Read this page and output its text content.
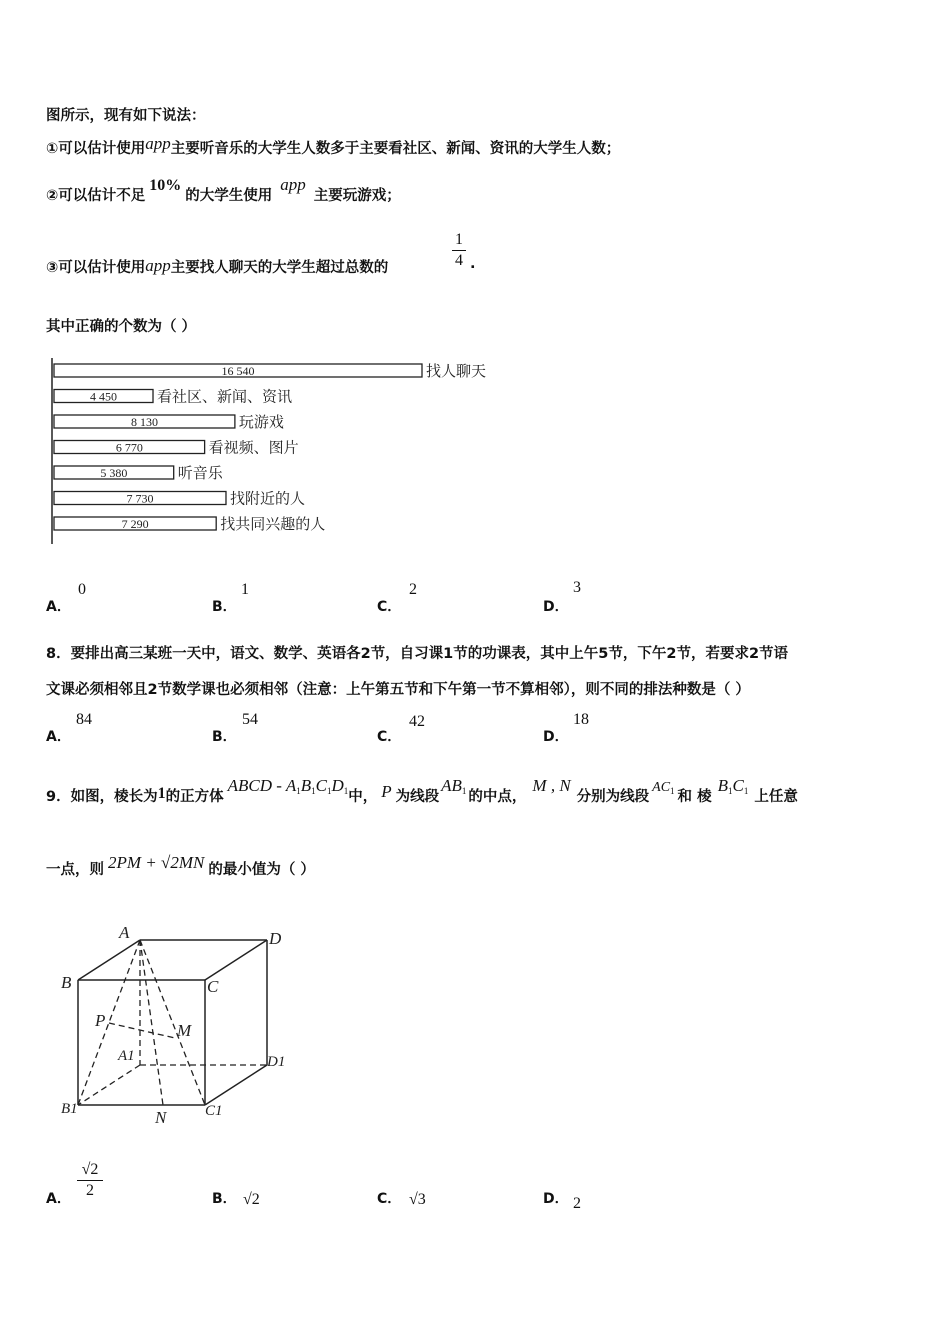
图所示，现有如下说法：
①可以估计使用app主要听音乐的大学生人数多于主要看社区、新闻、资讯的大学生人数；
②可以估计不足10%的大学生使用app主要玩游戏；
③可以估计使用app主要找人聊天的大学生超过总数的	$\frac{1}{4}$ .
其中正确的个数为（ ）
16 540	找人聊天
4 450	看社区、新闻、资讯
8 130	玩游戏
6 770	看视频、图片
5 380	听音乐
7 730	找附近的人
7 290	找共同兴趣的人
A．
0
B．
1
C．
2
D．
3
8．要排出高三某班一天中，语文、数学、英语各2节，自习课1节的功课表，其中上午5节，下午2节，若要求2节语
文课必须相邻且2节数学课也必须相邻（注意：上午第五节和下午第一节不算相邻），则不同的排法种数是（ ）
A．
84
B．
54
C．
42
D．
18
9．如图，棱长为1的正方体ABCD - $A_1B_1C_1D_1$中， P 为线段$AB_1$ 的中点，M , N分别为线段$AC_1$ 和 棱$B_1C_1$ 上任意
一点，则 2PM + √2MN 的最小值为（ ）
A	D
B	C
P
M
A1	D1
B1	N	C1
A． $\frac{√2}{2}$	B． √2	C． √3	D． 2
